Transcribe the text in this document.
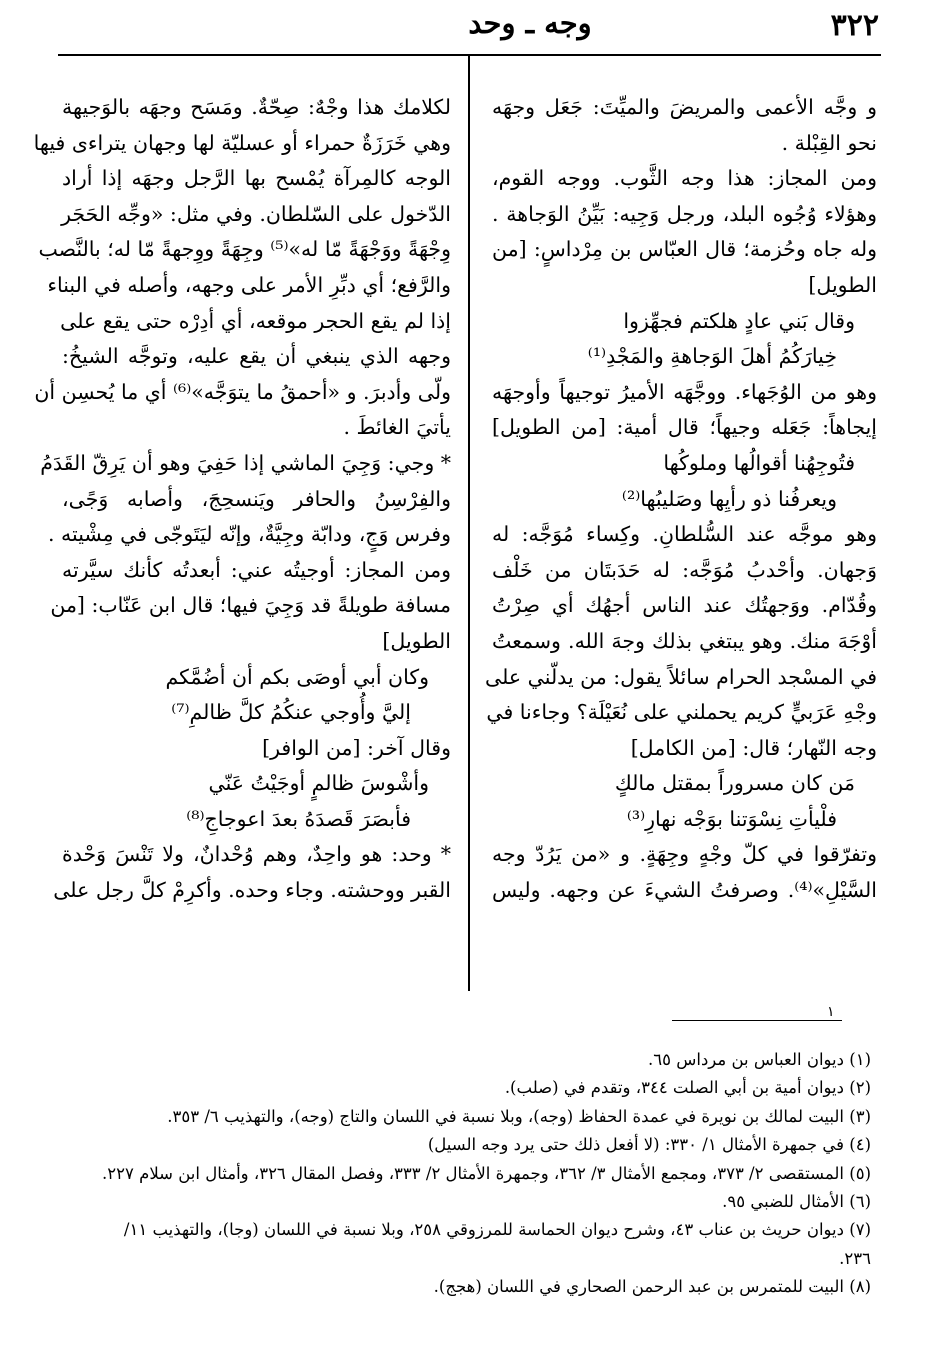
٣٢٢
وجه ـ وحد
و وجَّه الأعمى والمريضَ والميِّتَ: جَعَل وجهَه
نحو القِبْلة .
ومن المجاز: هذا وجه الثَّوب. ووجه القوم،
وهؤلاء وُجُوه البلد، ورجل وَجِيه: بَيِّنُ الوَجاهة .
وله جاه وحُزمة؛ قال العبّاس بن مِرْداسٍ: [من
الطويل]
وقال بَني عادٍ هلكتم فجهِّزوا
خِيارَكُمُ أهلَ الوَجاهةِ والمَجْدِ⁽¹⁾
وهو من الوُجَهاء. ووجَّهَه الأميرُ توجيهاً وأوجهَه
إيجاهاً: جَعَله وجيهاً؛ قال أمية: [من الطويل]
فتُوجِهُنا أقوالُها وملوكُها
ويعرفُنا ذو رأيِها وصَليبُها⁽²⁾
وهو موجَّه عند السُّلطانِ. وكِساء مُوَجَّه: له
وَجهان. وأحْدبُ مُوَجَّه: له حَدَبتَان من خَلْف
وقُدّام. ووَجهتُك عند الناس أجهُك أي صِرْتُ
أوْجَهَ منك. وهو يبتغي بذلك وجهَ الله. وسمعتُ
في المسْجد الحرام سائلاً يقول: من يدلّني على
وجْهِ عَرَبيٍّ كريم يحملني على نُعَيْلَة؟ وجاءنا في
وجه النّهار؛ قال: [من الكامل]
مَن كان مسروراً بمقتل مالكٍ
فلْيأتِ نِسْوَتنا بوَجْه نهارِ⁽³⁾
وتفرّقوا في كلّ وجْهٍ وجِهَةٍ. و «من يَرُدّ وجه
السَّيْلِ»⁽⁴⁾. وصرفتُ الشيءَ عن وجهه. وليس
لكلامك هذا وجْهٌ: صِحّةٌ. ومَسَح وجهَه بالوَجيهة
وهي خَرَزَةٌ حمراء أو عسليّة لها وجهان يتراءى فيها
الوجه كالمِرآة يُمْسح بها الرَّجل وجهَه إذا أراد
الدّخول على السّلطان. وفي مثل: «وجِّه الحَجَر
وِجْهَةً ووَجْهَةً مّا له»⁽⁵⁾ وجِهَةً ووِجهةً مّا له؛ بالنَّصب
والرَّفع؛ أي دبِّرِ الأمر على وجهه، وأصله في البناء
إذا لم يقع الحجر موقعه، أي أدِرْه حتى يقع على
وجهه الذي ينبغي أن يقع عليه، وتوجَّه الشيخُ:
ولّى وأدبرَ. و «أحمقُ ما يتوَجَّه»⁽⁶⁾ أي ما يُحسِن أن
يأتيَ الغائطَ .
* وجي: وَجِيَ الماشي إذا حَفِيَ وهو أن يَرِقّ القَدَمُ
والفِرْسِنُ والحافر ويَنسحِجَ، وأصابه وَجًى،
وفرس وَجٍ، ودابّة وجِيَّةٌ، وإنّه ليَتَوجّى في مِشْيته .
ومن المجاز: أوجيتُه عني: أبعدتُه كأنك سيَّرته
مسافة طويلةً قد وَجِيَ فيها؛ قال ابن عَنّاب: [من
الطويل]
وكان أبي أوصَى بكم أن أضُمَّكم
إليَّ وأُوجي عنكُمُ كلَّ ظالمِ⁽⁷⁾
وقال آخر: [من الوافر]
وأشْوسَ ظالمٍ أوجَيْتُ عَنّي
فأبصَرَ قَصدَهُ بعدَ اعوجاجِ⁽⁸⁾
* وحد: هو واحِدٌ، وهم وُحْدانٌ، ولا تَنْسَ وَحْدة
القبر ووحشته. وجاء وحده. وأكرِمْ كلَّ رجل على
١
(١) ديوان العباس بن مرداس ٦٥.
(٢) ديوان أمية بن أبي الصلت ٣٤٤، وتقدم في (صلب).
(٣) البيت لمالك بن نويرة في عمدة الحفاظ (وجه)، وبلا نسبة في اللسان والتاج (وجه)، والتهذيب ٦/ ٣٥٣.
(٤) في جمهرة الأمثال ١/ ٣٣٠: (لا أفعل ذلك حتى يرد وجه السيل)
(٥) المستقصى ٢/ ٣٧٣، ومجمع الأمثال ٣/ ٣٦٢، وجمهرة الأمثال ٢/ ٣٣٣، وفصل المقال ٣٢٦، وأمثال ابن سلام ٢٢٧.
(٦) الأمثال للضبي ٩٥.
(٧) ديوان حريث بن عناب ٤٣، وشرح ديوان الحماسة للمرزوقي ٢٥٨، وبلا نسبة في اللسان (وجا)، والتهذيب ١١/
٢٣٦.
(٨) البيت للمتمرس بن عبد الرحمن الصحاري في اللسان (هجج).
